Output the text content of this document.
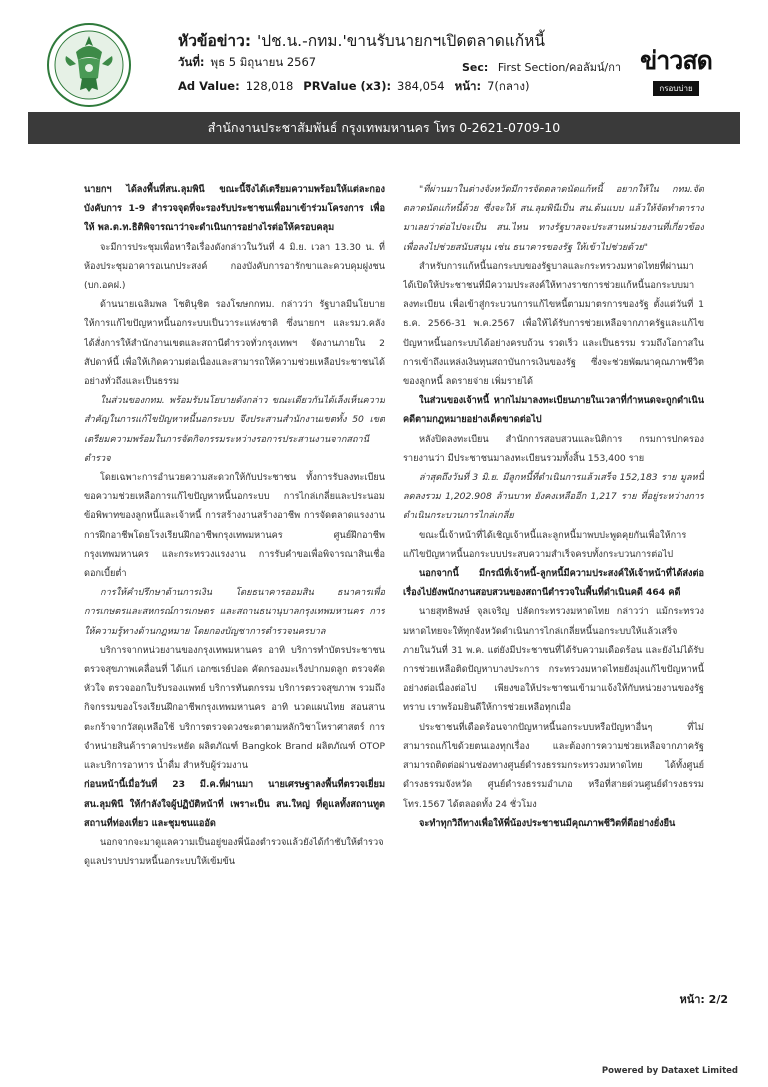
หัวข้อข่าว: 'ปช.น.-กทม.'ขานรับนายกฯเปิดตลาดแก้หนี้
วันที่: พุธ 5 มิถุนายน 2567	Sec: First Section/คอลัมน์/กา
Ad Value: 128,018 PRValue (x3): 384,054 หน้า: 7(กลาง)
ข่าวสด
กรอบบ่าย
สำนักงานประชาสัมพันธ์ กรุงเทพมหานคร โทร 0-2621-0709-10

นายกฯ ได้ลงพื้นที่สน.ลุมพินี ขณะนี้จึงได้เตรียมความพร้อมให้แต่ละกองบังคับการ 1-9 สำรวจจุดที่จะรองรับประชาชนเพื่อมาเข้าร่วมโครงการ เพื่อให้ พล.ต.ท.ธิติพิจารณาว่าจะดำเนินการอย่างไรต่อให้ครอบคลุม

จะมีการประชุมเพื่อหารือเรื่องดังกล่าวในวันที่ 4 มิ.ย. เวลา 13.30 น. ที่ห้องประชุมอาคารอเนกประสงค์ กองบังคับการอารักขาและควบคุมฝูงชน (บก.อคฝ.)

ด้านนายเฉลิมพล โชตินุชิต รองโฆษกกทม. กล่าวว่า รัฐบาลมีนโยบายให้การแก้ไขปัญหาหนี้นอกระบบเป็นวาระแห่งชาติ ซึ่งนายกฯ และรมว.คลัง ได้สั่งการให้สำนักงานเขตและสถานีตำรวจทั่วกรุงเทพฯ จัดงานภายใน 2 สัปดาห์นี้ เพื่อให้เกิดความต่อเนื่องและสามารถให้ความช่วยเหลือประชาชนได้อย่างทั่วถึงและเป็นธรรม

ในส่วนของกทม. พร้อมรับนโยบายดังกล่าว ขณะเดียวกันได้เล็งเห็นความสำคัญในการแก้ไขปัญหาหนี้นอกระบบ จึงประสานสำนักงานเขตทั้ง 50 เขต เตรียมความพร้อมในการจัดกิจกรรมระหว่างรอการประสานงานจากสถานีตำรวจ

โดยเฉพาะการอำนวยความสะดวกให้กับประชาชน ทั้งการรับลงทะเบียนขอความช่วยเหลือการแก้ไขปัญหาหนี้นอกระบบ การไกล่เกลี่ยและประนอมข้อพิพาทของลูกหนี้และเจ้าหนี้ การสร้างงานสร้างอาชีพ การจัดตลาดแรงงาน การฝึกอาชีพโดยโรงเรียนฝึกอาชีพกรุงเทพมหานคร ศูนย์ฝึกอาชีพกรุงเทพมหานคร และกระทรวงแรงงาน การรับคำขอเพื่อพิจารณาสินเชื่อดอกเบี้ยต่ำ

การให้คำปรึกษาด้านการเงิน โดยธนาคารออมสิน ธนาคารเพื่อการเกษตรและสหกรณ์การเกษตร และสถานธนานุบาลกรุงเทพมหานคร การให้ความรู้ทางด้านกฎหมาย โดยกองบัญชาการตำรวจนครบาล

บริการจากหน่วยงานของกรุงเทพมหานคร อาทิ บริการทำบัตรประชาชน ตรวจสุขภาพเคลื่อนที่ ได้แก่ เอกซเรย์ปอด คัดกรองมะเร็งปากมดลูก ตรวจคัดหัวใจ ตรวจออกใบรับรองแพทย์ บริการทันตกรรม บริการตรวจสุขภาพ รวมถึงกิจกรรมของโรงเรียนฝึกอาชีพกรุงเทพมหานคร อาทิ นวดแผนไทย สอนสานตะกร้าจากวัสดุเหลือใช้ บริการตรวจดวงชะตาตามหลักวิชาโหราศาสตร์ การจำหน่ายสินค้าราคาประหยัด ผลิตภัณฑ์ Bangkok Brand ผลิตภัณฑ์ OTOP และบริการอาหาร น้ำดื่ม สำหรับผู้ร่วมงาน

ก่อนหน้านี้เมื่อวันที่ 23 มี.ค.ที่ผ่านมา นายเศรษฐาลงพื้นที่ตรวจเยี่ยม สน.ลุมพินี ให้กำลังใจผู้ปฏิบัติหน้าที่ เพราะเป็น สน.ใหญ่ ที่ดูแลทั้งสถานทูต สถานที่ท่องเที่ยว และชุมชนแออัด

นอกจากจะมาดูแลความเป็นอยู่ของพี่น้องตำรวจแล้วยังได้กำชับให้ตำรวจดูแลปราบปรามหนี้นอกระบบให้เข้มข้น

"ที่ผ่านมาในต่างจังหวัดมีการจัดตลาดนัดแก้หนี้ อยากให้ใน กทม.จัดตลาดนัดแก้หนี้ด้วย ซึ่งจะให้ สน.ลุมพินีเป็น สน.ต้นแบบ แล้วให้จัดทำตารางมาเลยว่าต่อไปจะเป็น สน.ไหน ทางรัฐบาลจะประสานหน่วยงานที่เกี่ยวข้องเพื่อลงไปช่วยสนับสนุน เช่น ธนาคารของรัฐ ให้เข้าไปช่วยด้วย"

สำหรับการแก้หนี้นอกระบบของรัฐบาลและกระทรวงมหาดไทยที่ผ่านมาได้เปิดให้ประชาชนที่มีความประสงค์ให้ทางราชการช่วยแก้หนี้นอกระบบมาลงทะเบียน เพื่อเข้าสู่กระบวนการแก้ไขหนี้ตามมาตรการของรัฐ ตั้งแต่วันที่ 1 ธ.ค. 2566-31 พ.ค.2567 เพื่อให้ได้รับการช่วยเหลือจากภาครัฐและแก้ไขปัญหาหนี้นอกระบบได้อย่างครบถ้วน รวดเร็ว และเป็นธรรม รวมถึงโอกาสในการเข้าถึงแหล่งเงินทุนสถาบันการเงินของรัฐ ซึ่งจะช่วยพัฒนาคุณภาพชีวิตของลูกหนี้ ลดรายจ่าย เพิ่มรายได้

ในส่วนของเจ้าหนี้ หากไม่มาลงทะเบียนภายในเวลาที่กำหนดจะถูกดำเนินคดีตามกฎหมายอย่างเด็ดขาดต่อไป

หลังปิดลงทะเบียน สำนักการสอบสวนและนิติการ กรมการปกครอง รายงานว่า มีประชาชนมาลงทะเบียนรวมทั้งสิ้น 153,400 ราย

ล่าสุดถึงวันที่ 3 มิ.ย. มีลูกหนี้ที่ดำเนินการแล้วเสร็จ 152,183 ราย มูลหนี้ลดลงรวม 1,202.908 ล้านบาท ยังคงเหลืออีก 1,217 ราย ที่อยู่ระหว่างการดำเนินกระบวนการไกล่เกลี่ย

ขณะนี้เจ้าหน้าที่ได้เชิญเจ้าหนี้และลูกหนี้มาพบปะพูดคุยกันเพื่อให้การแก้ไขปัญหาหนี้นอกระบบประสบความสำเร็จครบทั้งกระบวนการต่อไป

นอกจากนี้ มีกรณีที่เจ้าหนี้-ลูกหนี้มีความประสงค์ให้เจ้าหน้าที่ได้ส่งต่อเรื่องไปยังพนักงานสอบสวนของสถานีตำรวจในพื้นที่ดำเนินคดี 464 คดี

นายสุทธิพงษ์ จุลเจริญ ปลัดกระทรวงมหาดไทย กล่าวว่า แม้กระทรวงมหาดไทยจะให้ทุกจังหวัดดำเนินการไกล่เกลี่ยหนี้นอกระบบให้แล้วเสร็จภายในวันที่ 31 พ.ค. แต่ยังมีประชาชนที่ได้รับความเดือดร้อน และยังไม่ได้รับการช่วยเหลือติดปัญหาบางประการ กระทรวงมหาดไทยยังมุ่งแก้ไขปัญหาหนี้อย่างต่อเนื่องต่อไป เพียงขอให้ประชาชนเข้ามาแจ้งให้กับหน่วยงานของรัฐทราบ เราพร้อมยินดีให้การช่วยเหลือทุกเมื่อ

ประชาชนที่เดือดร้อนจากปัญหาหนี้นอกระบบหรือปัญหาอื่นๆ ที่ไม่สามารถแก้ไขด้วยตนเองทุกเรื่อง และต้องการความช่วยเหลือจากภาครัฐ สามารถติดต่อผ่านช่องทางศูนย์ดำรงธรรมกระทรวงมหาดไทย ได้ทั้งศูนย์ดำรงธรรมจังหวัด ศูนย์ดำรงธรรมอำเภอ หรือที่สายด่วนศูนย์ดำรงธรรม โทร.1567 ได้ตลอดทั้ง 24 ชั่วโมง

จะทำทุกวิถีทางเพื่อให้พี่น้องประชาชนมีคุณภาพชีวิตที่ดีอย่างยั่งยืน

หน้า: 2/2
Powered by Dataxet Limited
